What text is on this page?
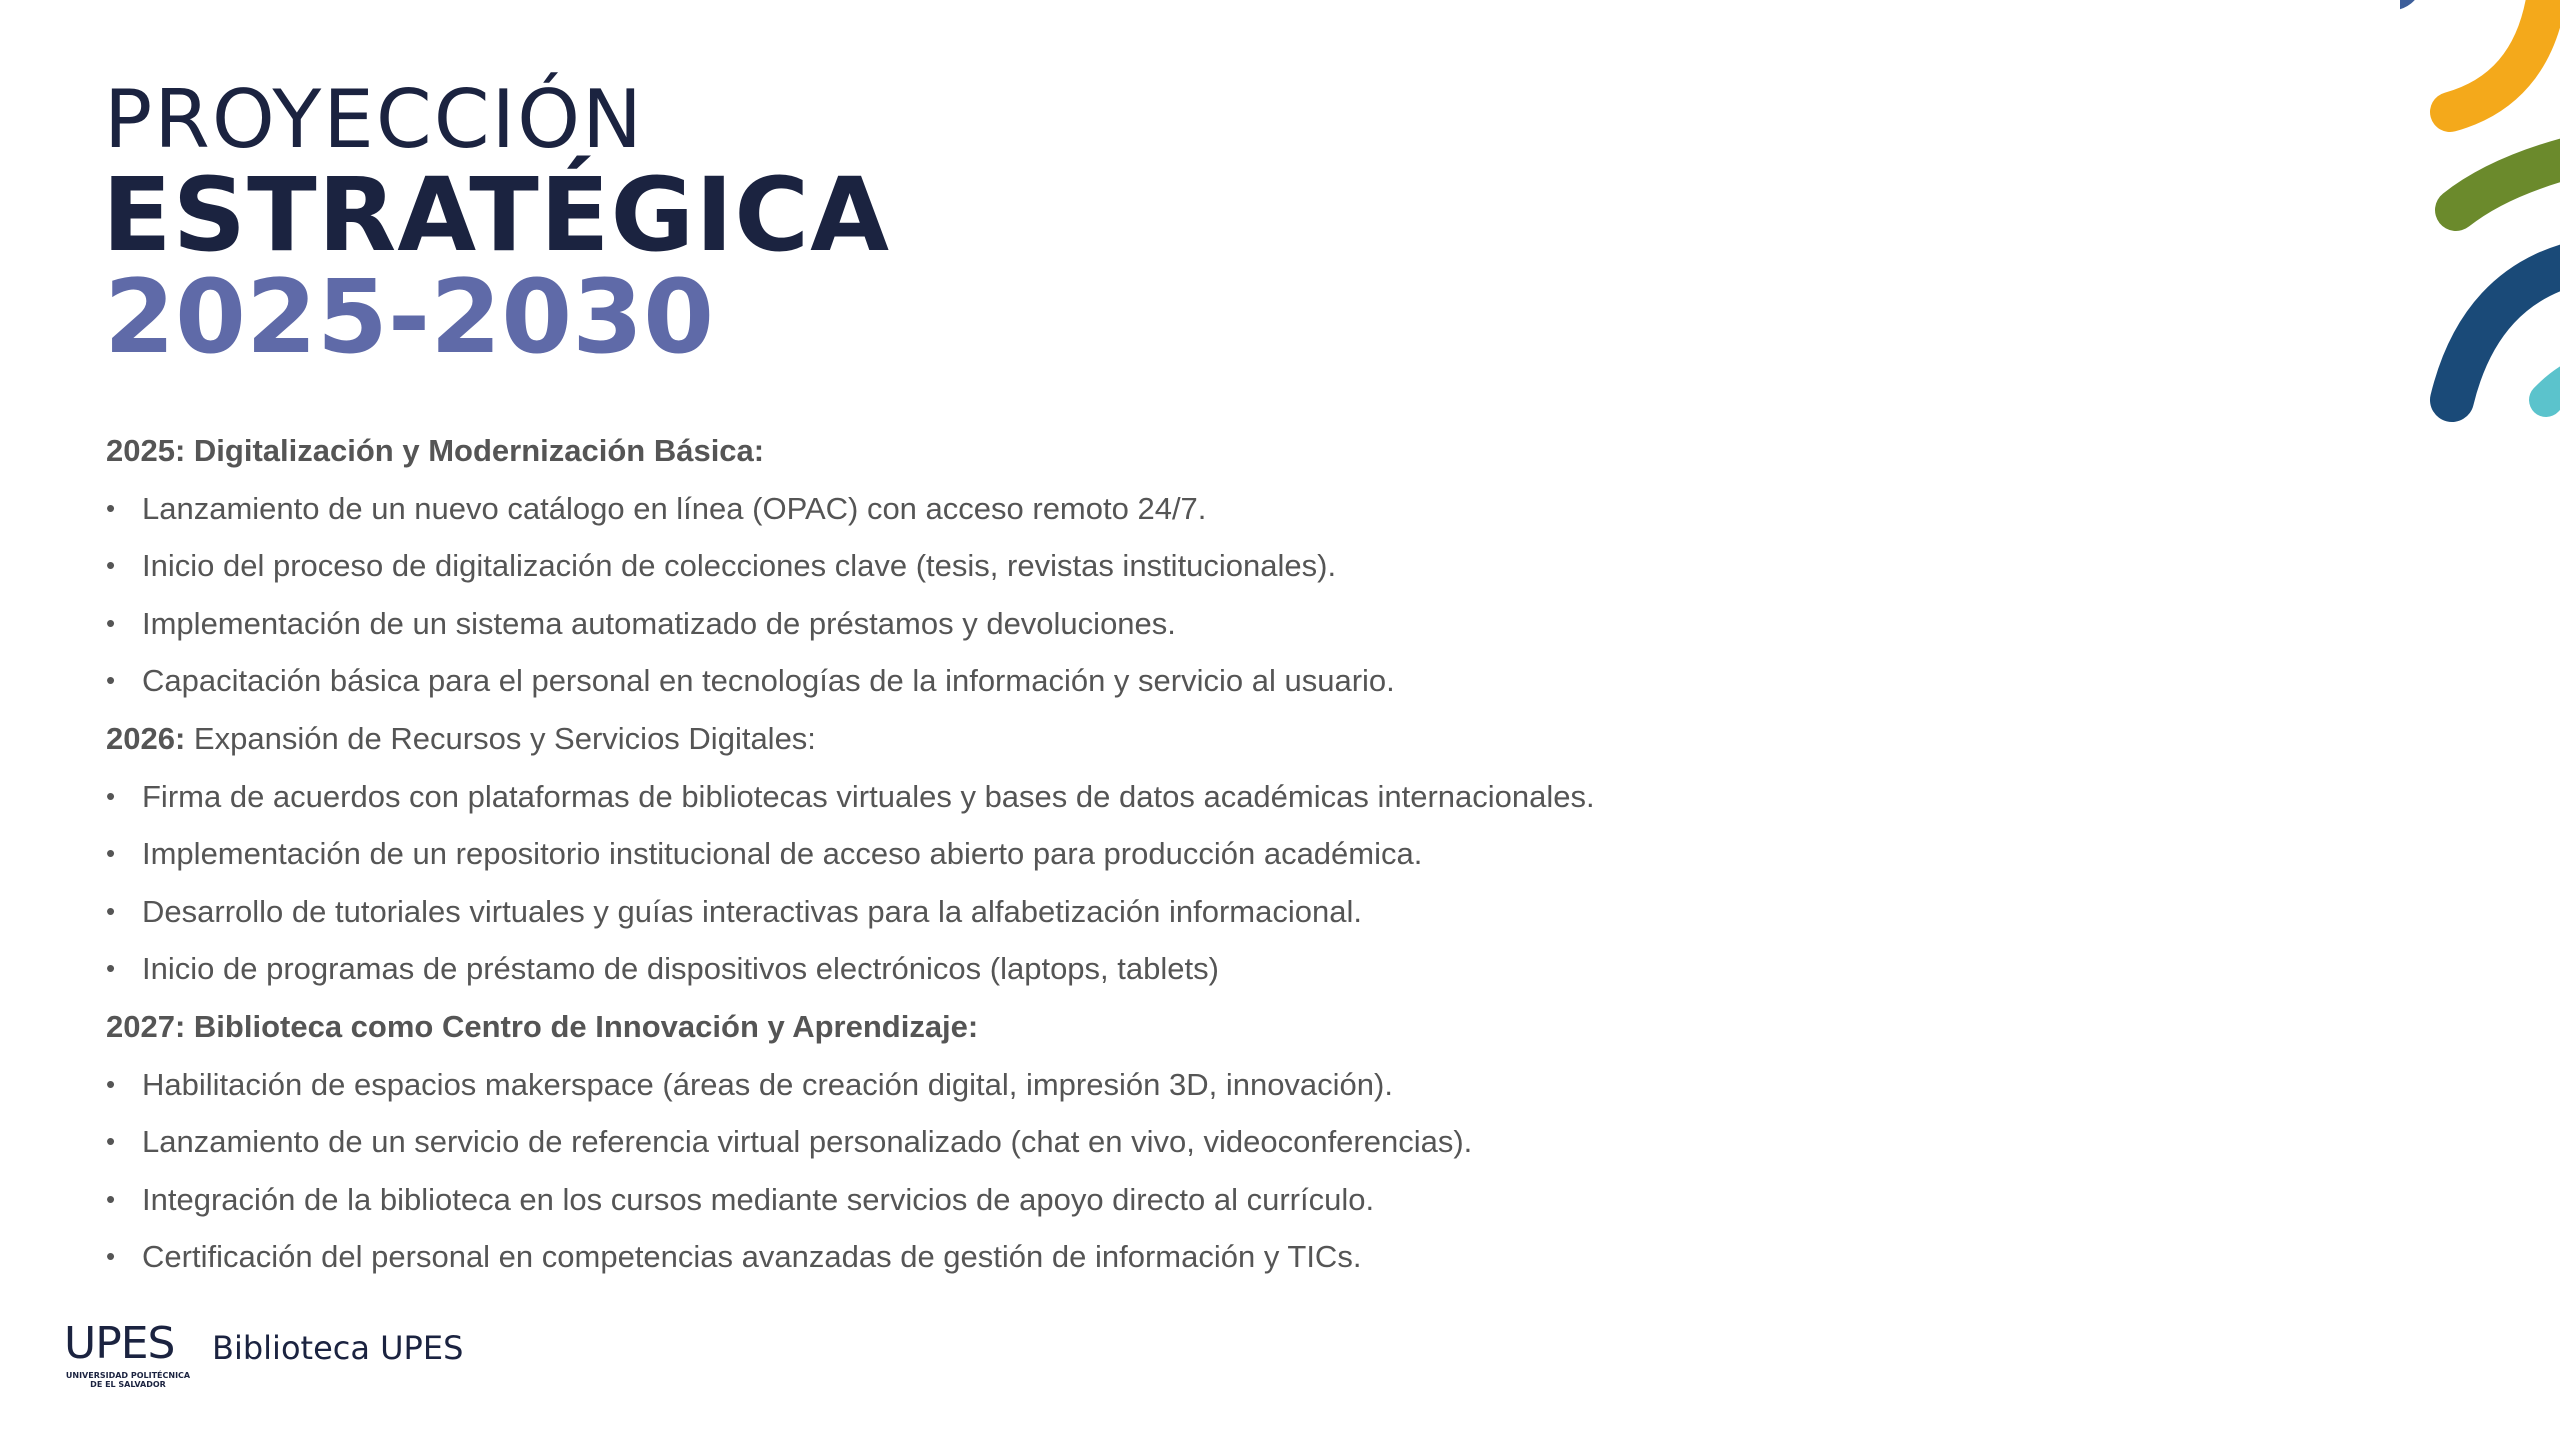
PROYECCIÓN
ESTRATÉGICA
2025-2030
2025: Digitalización y Modernización Básica:
• Lanzamiento de un nuevo catálogo en línea (OPAC) con acceso remoto 24/7.
• Inicio del proceso de digitalización de colecciones clave (tesis, revistas institucionales).
• Implementación de un sistema automatizado de préstamos y devoluciones.
• Capacitación básica para el personal en tecnologías de la información y servicio al usuario.
2026: Expansión de Recursos y Servicios Digitales:
• Firma de acuerdos con plataformas de bibliotecas virtuales y bases de datos académicas internacionales.
• Implementación de un repositorio institucional de acceso abierto para producción académica.
• Desarrollo de tutoriales virtuales y guías interactivas para la alfabetización informacional.
• Inicio de programas de préstamo de dispositivos electrónicos (laptops, tablets)
2027: Biblioteca como Centro de Innovación y Aprendizaje:
• Habilitación de espacios makerspace (áreas de creación digital, impresión 3D, innovación).
• Lanzamiento de un servicio de referencia virtual personalizado (chat en vivo, videoconferencias).
• Integración de la biblioteca en los cursos mediante servicios de apoyo directo al currículo.
• Certificación del personal en competencias avanzadas de gestión de información y TICs.
UPES
UNIVERSIDAD POLITÉCNICA
DE EL SALVADOR
Biblioteca UPES
